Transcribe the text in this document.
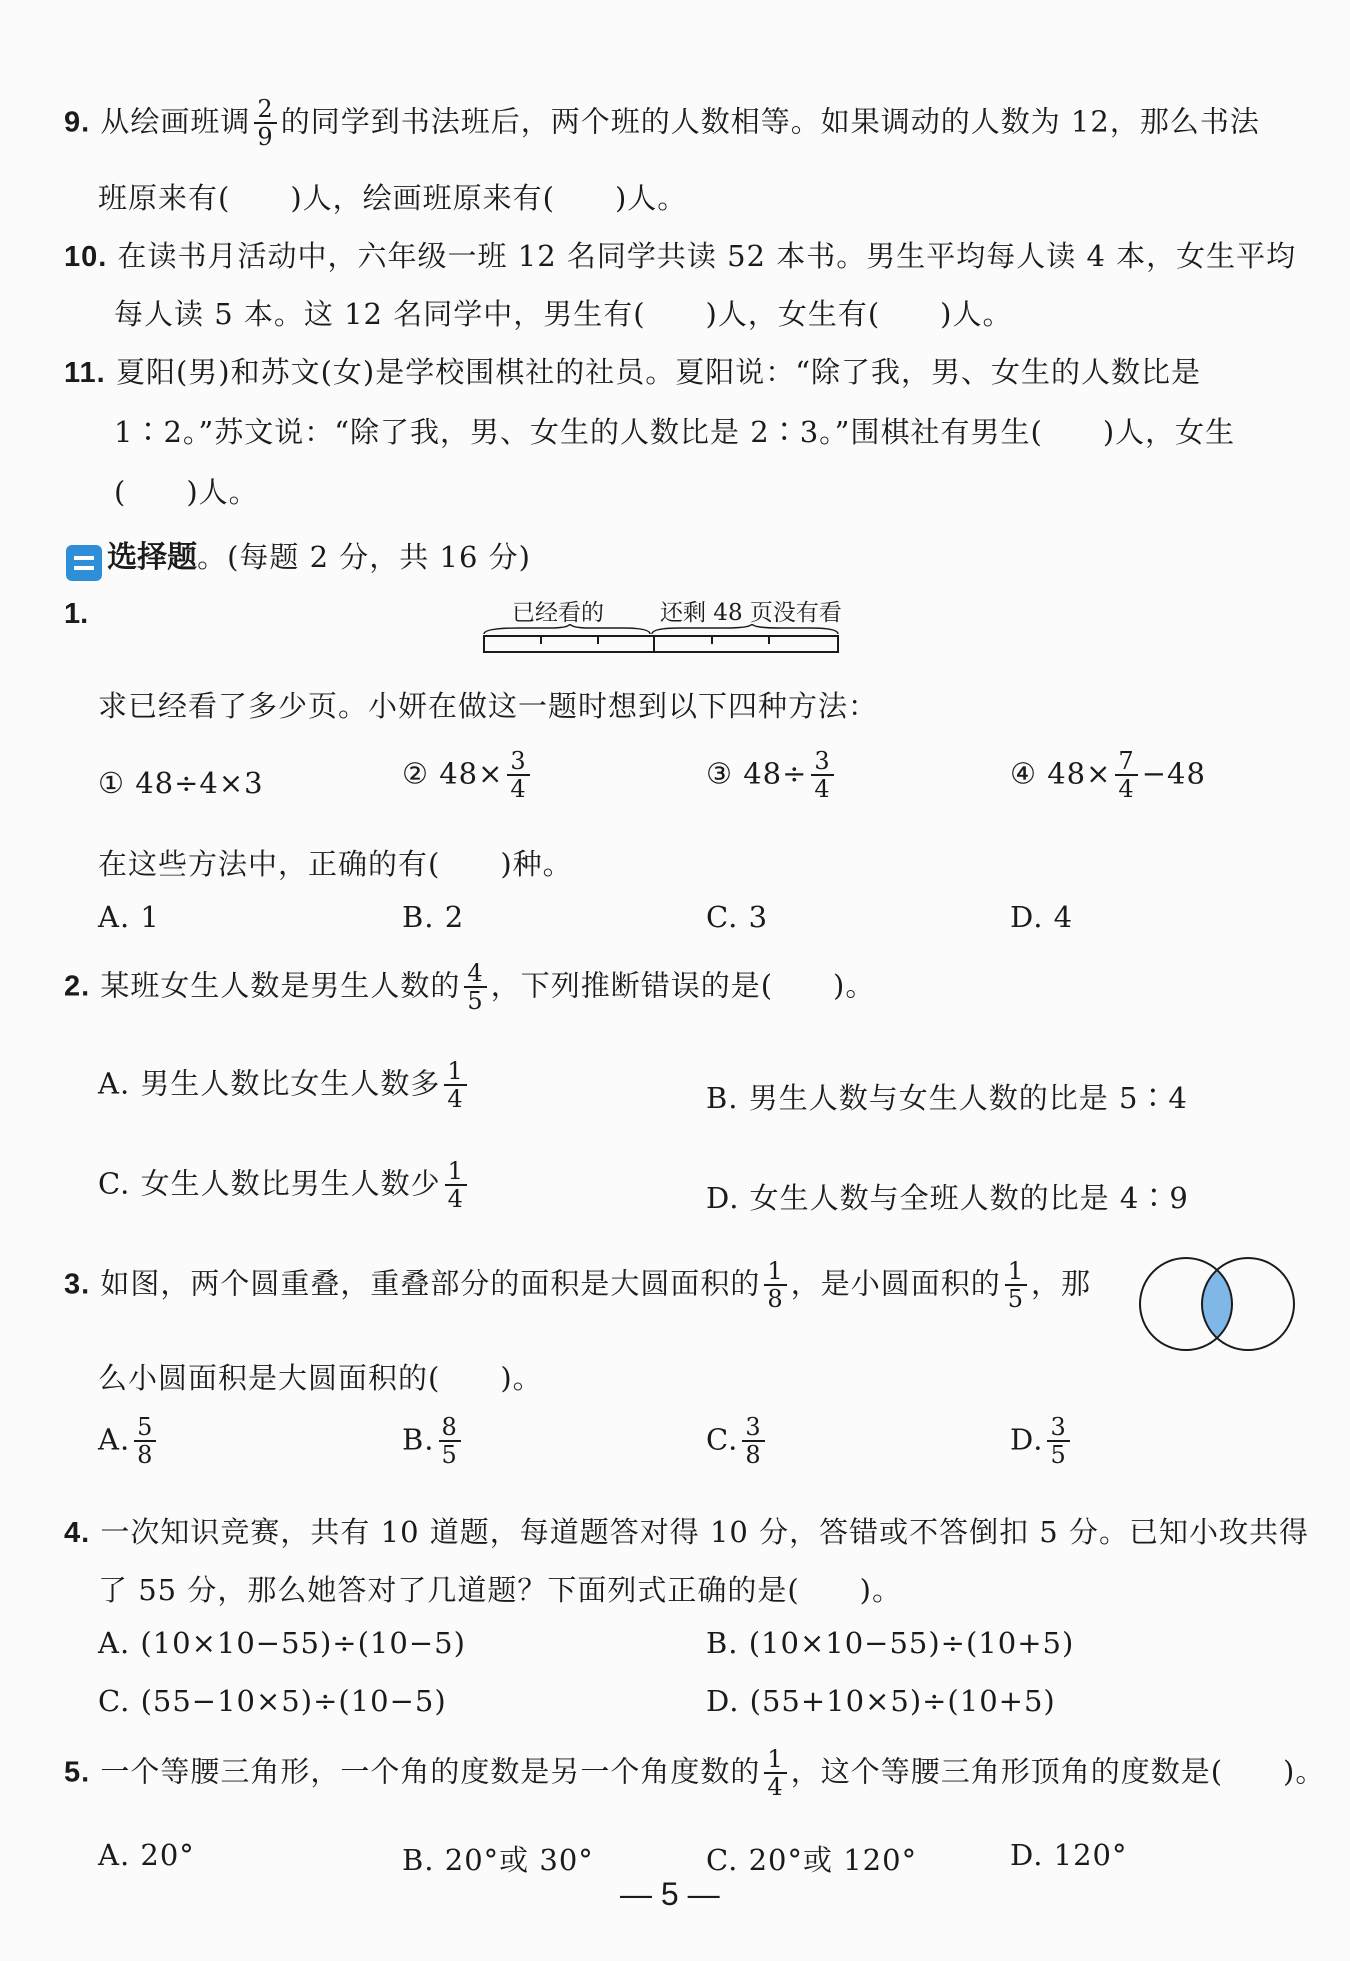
9. 从绘画班调 $\frac{2}{9}$ 的同学到书法班后，两个班的人数相等。如果调动的人数为 12，那么书法
班原来有(　　)人，绘画班原来有(　　)人。
10. 在读书月活动中，六年级一班 12 名同学共读 52 本书。男生平均每人读 4 本，女生平均
每人读 5 本。这 12 名同学中，男生有(　　)人，女生有(　　)人。
11. 夏阳(男)和苏文(女)是学校围棋社的社员。夏阳说：“除了我，男、女生的人数比是
1∶2。”苏文说：“除了我，男、女生的人数比是 2∶3。”围棋社有男生(　　)人，女生
(　　)人。
选择题。(每题 2 分，共 16 分)
1.	已经看的 还剩 48 页没有看
求已经看了多少页。小妍在做这一题时想到以下四种方法：
① 48÷4×3	② $48\times \frac{3}{4}$	③ $48\div \frac{3}{4}$	④ $48\times \frac{7}{4} -48$
在这些方法中，正确的有(　　)种。
A. 1	B. 2	C. 3	D. 4
2. 某班女生人数是男生人数的 $\frac{4}{5}$ ，下列推断错误的是(　　)。
A. 男生人数比女生人数多 $\frac{1}{4}$	B. 男生人数与女生人数的比是 5∶4
C. 女生人数比男生人数少 $\frac{1}{4}$	D. 女生人数与全班人数的比是 4∶9
3. 如图，两个圆重叠，重叠部分的面积是大圆面积的 $\frac{1}{8}$ ，是小圆面积的 $\frac{1}{5}$ ，那
么小圆面积是大圆面积的(　　)。
A. $\frac{5}{8}$	B. $\frac{8}{5}$	C. $\frac{3}{8}$	D. $\frac{3}{5}$
4. 一次知识竞赛，共有 10 道题，每道题答对得 10 分，答错或不答倒扣 5 分。已知小玫共得
了 55 分，那么她答对了几道题？下面列式正确的是(　　)。
A. (10×10−55)÷(10−5)	B. (10×10−55)÷(10+5)
C. (55−10×5)÷(10−5)	D. (55+10×5)÷(10+5)
5. 一个等腰三角形，一个角的度数是另一个角度数的 $\frac{1}{4}$ ，这个等腰三角形顶角的度数是(　　)。
A. 20°	B. 20°或 30°	C. 20°或 120°	D. 120°
— 5 —
